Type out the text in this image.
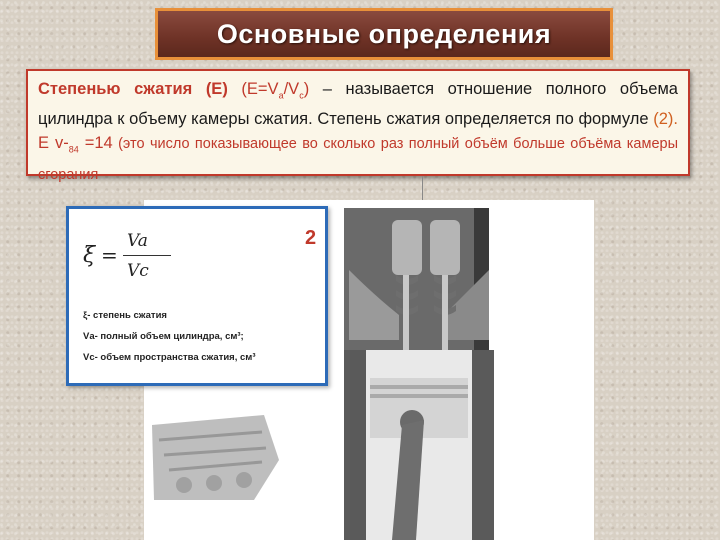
Основные определения
Степенью сжатия (Е) $(Е=V_a/V_c)$ – называется отношение полного объема цилиндра к объему камеры сжатия. Степень сжатия определяется по формуле (2). Е $v-_{84} =14$ (это число показывающее во сколько раз полный объём больше объёма камеры сгорания
2
ξ =
Va
Vc
ξ- степень сжатия
Vа- полный объем цилиндра, см³;
Vс- объем пространства сжатия, см³
